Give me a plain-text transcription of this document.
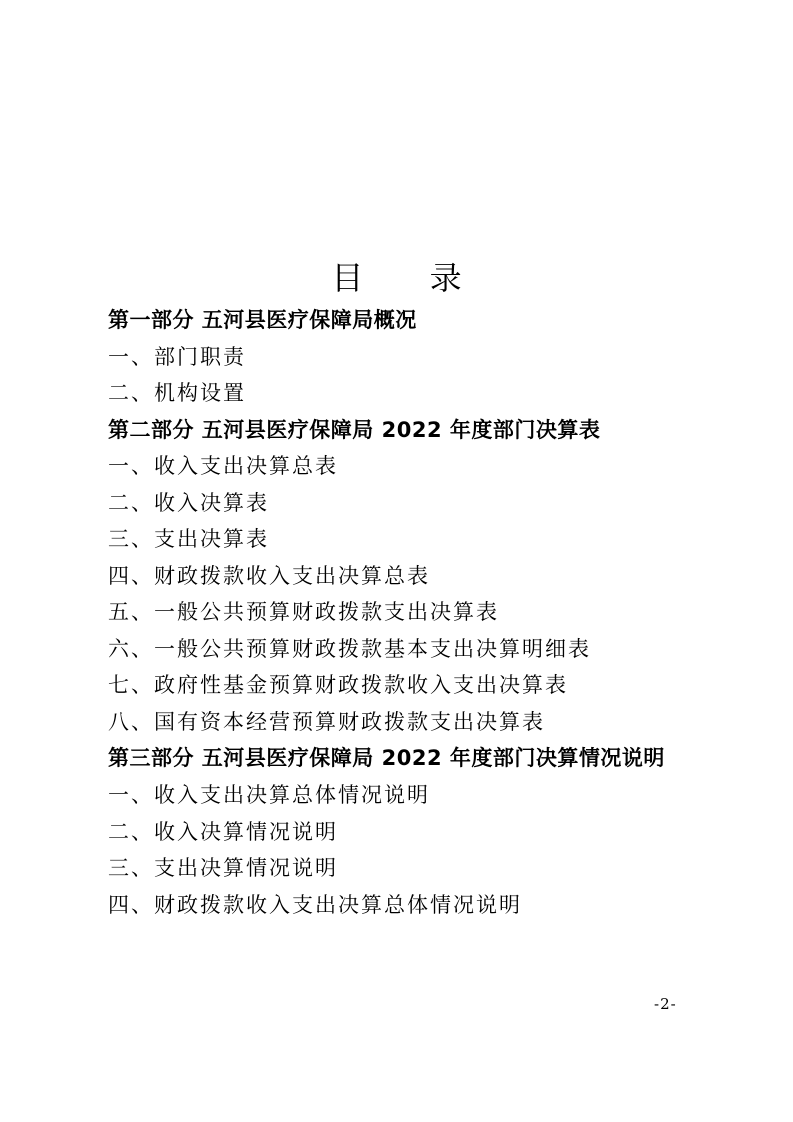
目 录
第一部分 五河县医疗保障局概况
一、部门职责
二、机构设置
第二部分 五河县医疗保障局 2022 年度部门决算表
一、收入支出决算总表
二、收入决算表
三、支出决算表
四、财政拨款收入支出决算总表
五、一般公共预算财政拨款支出决算表
六、一般公共预算财政拨款基本支出决算明细表
七、政府性基金预算财政拨款收入支出决算表
八、国有资本经营预算财政拨款支出决算表
第三部分 五河县医疗保障局 2022 年度部门决算情况说明
一、收入支出决算总体情况说明
二、收入决算情况说明
三、支出决算情况说明
四、财政拨款收入支出决算总体情况说明
-2-
